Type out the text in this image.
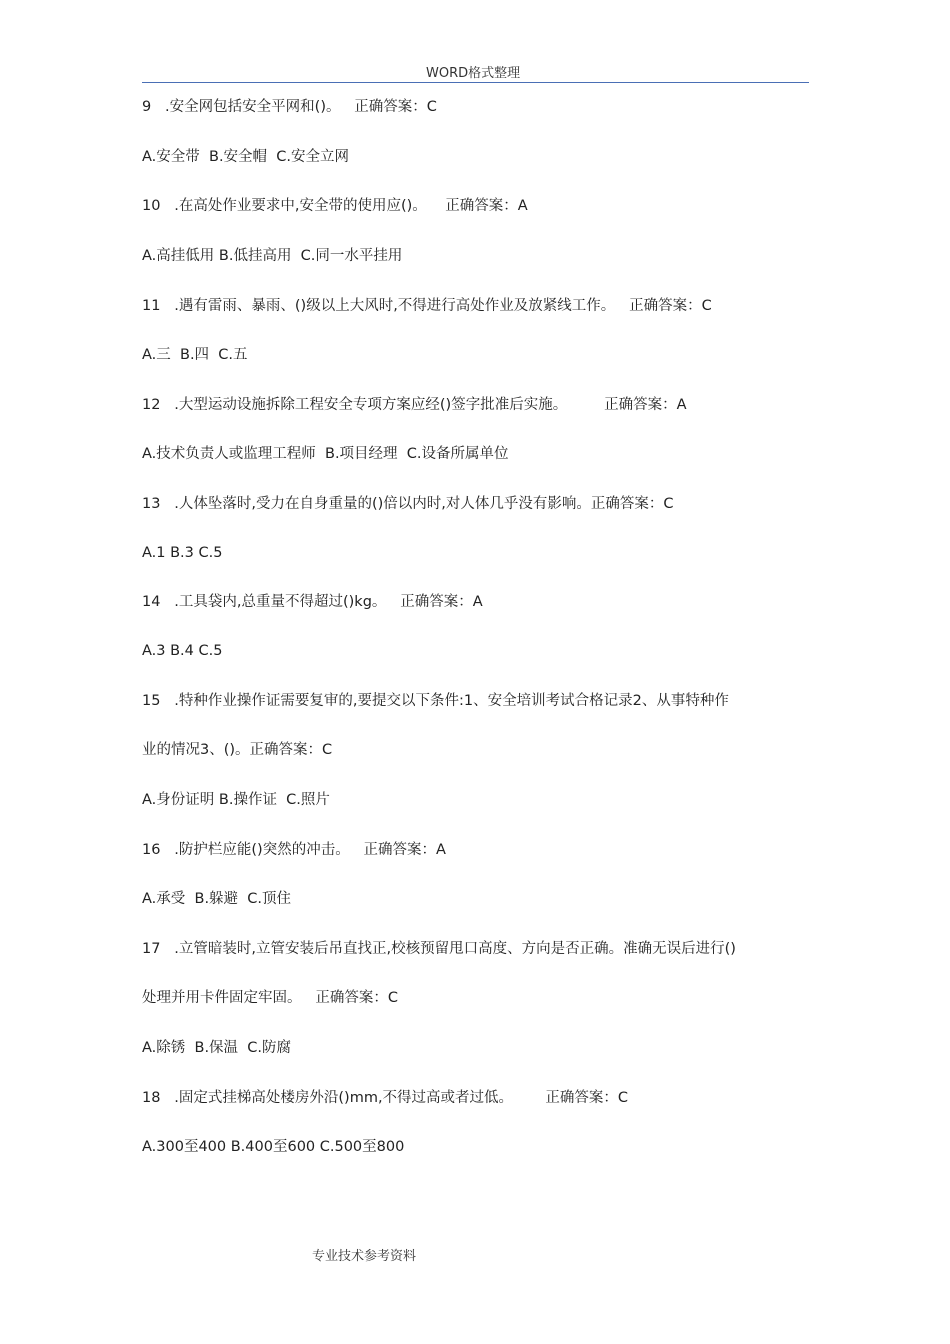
WORD格式整理
9   .安全网包括安全平网和()。   正确答案：C
A.安全带  B.安全帽  C.安全立网
10   .在高处作业要求中,安全带的使用应()。    正确答案：A
A.高挂低用 B.低挂高用  C.同一水平挂用
11   .遇有雷雨、暴雨、()级以上大风时,不得进行高处作业及放紧线工作。   正确答案：C
A.三  B.四  C.五
12   .大型运动设施拆除工程安全专项方案应经()签字批准后实施。        正确答案：A
A.技术负责人或监理工程师  B.项目经理  C.设备所属单位
13   .人体坠落时,受力在自身重量的()倍以内时,对人体几乎没有影响。正确答案：C
A.1 B.3 C.5
14   .工具袋内,总重量不得超过()kg。   正确答案：A
A.3 B.4 C.5
15   .特种作业操作证需要复审的,要提交以下条件:1、安全培训考试合格记录2、从事特种作
业的情况3、()。正确答案：C
A.身份证明 B.操作证  C.照片
16   .防护栏应能()突然的冲击。   正确答案：A
A.承受  B.躲避  C.顶住
17   .立管暗装时,立管安装后吊直找正,校核预留甩口高度、方向是否正确。准确无误后进行()
处理并用卡件固定牢固。   正确答案：C
A.除锈  B.保温  C.防腐
18   .固定式挂梯高处楼房外沿()mm,不得过高或者过低。       正确答案：C
A.300至400 B.400至600 C.500至800
专业技术参考资料
